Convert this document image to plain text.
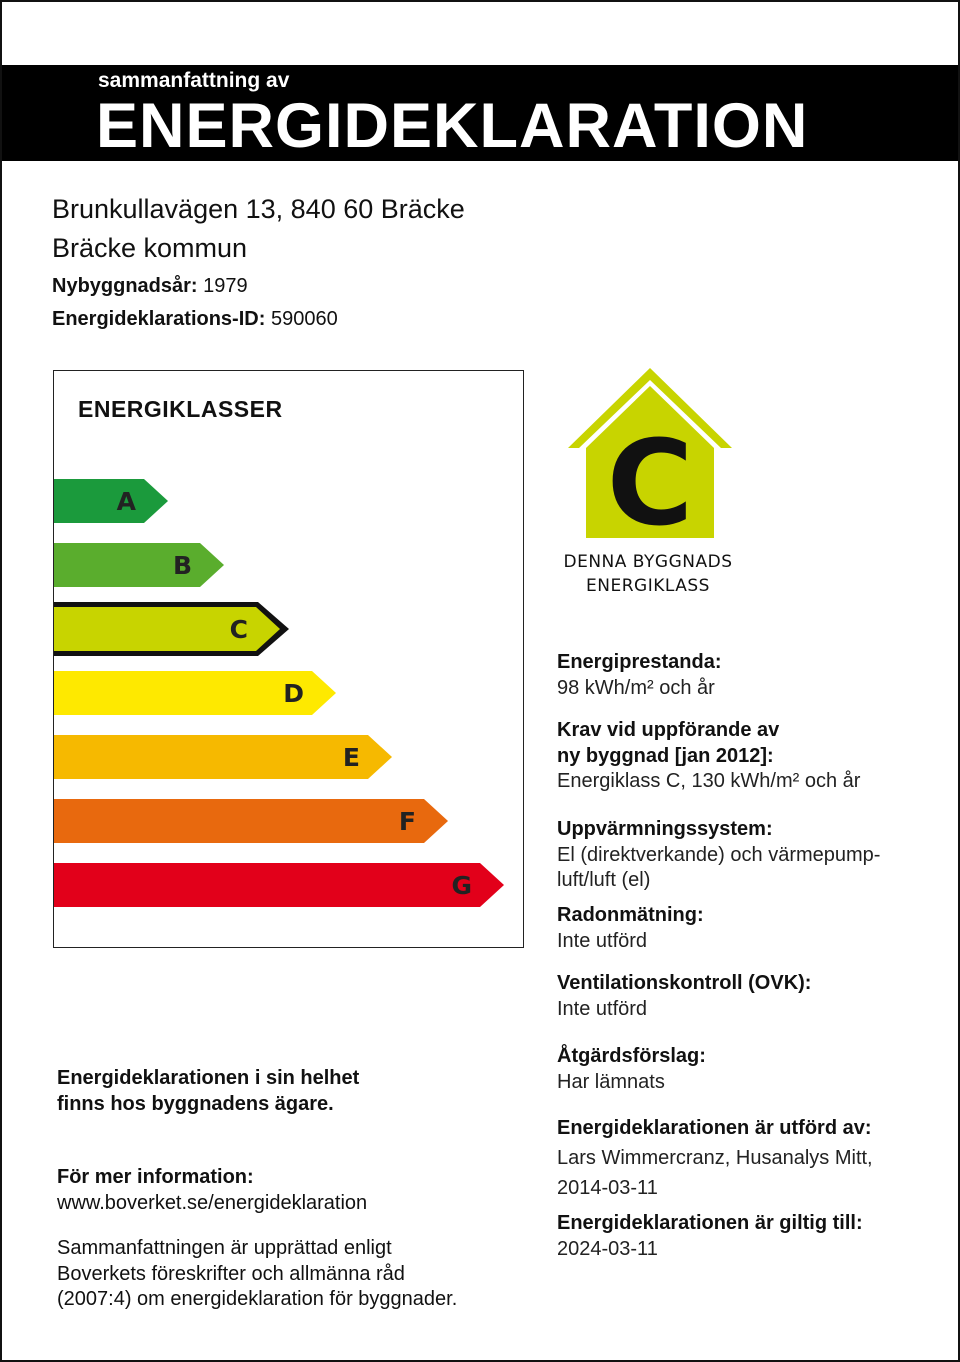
sammanfattning av
ENERGIDEKLARATION
Brunkullavägen 13, 840 60 Bräcke
Bräcke kommun
Nybyggnadsår: 1979
Energideklarations-ID: 590060
ENERGIKLASSER
A
B
C
D
E
F
G
C
DENNA BYGGNADS
ENERGIKLASS
Energiprestanda:
98 kWh/m² och år
Krav vid uppförande av
ny byggnad [jan 2012]:
Energiklass C, 130 kWh/m² och år
Uppvärmningssystem:
El (direktverkande) och värmepump-
luft/luft (el)
Radonmätning:
Inte utförd
Ventilationskontroll (OVK):
Inte utförd
Åtgärdsförslag:
Har lämnats
Energideklarationen är utförd av:
Lars Wimmercranz, Husanalys Mitt,
2014-03-11
Energideklarationen är giltig till:
2024-03-11
Energideklarationen i sin helhet
finns hos byggnadens ägare.
För mer information:
www.boverket.se/energideklaration
Sammanfattningen är upprättad enligt
Boverkets föreskrifter och allmänna råd
(2007:4) om energideklaration för byggnader.
